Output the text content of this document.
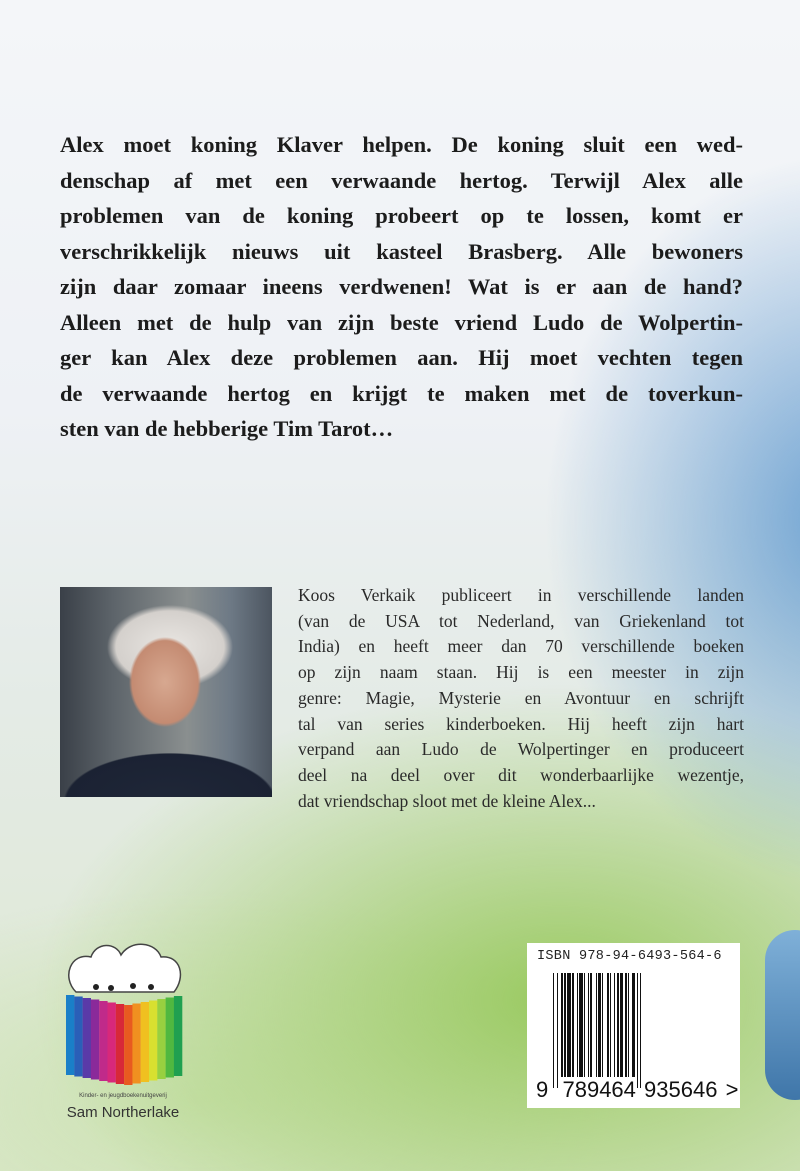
Alex moet koning Klaver helpen. De koning sluit een wed-
denschap af met een verwaande hertog. Terwijl Alex alle
problemen van de koning probeert op te lossen, komt er
verschrikkelijk nieuws uit kasteel Brasberg. Alle bewoners
zijn daar zomaar ineens verdwenen! Wat is er aan de hand?
Alleen met de hulp van zijn beste vriend Ludo de Wolpertin-
ger kan Alex deze problemen aan. Hij moet vechten tegen
de verwaande hertog en krijgt te maken met de toverkun-
sten van de hebberige Tim Tarot…
Koos Verkaik publiceert in verschillende landen
(van de USA tot Nederland, van Griekenland tot
India) en heeft meer dan 70 verschillende boeken
op zijn naam staan. Hij is een meester in zijn
genre: Magie, Mysterie en Avontuur en schrijft
tal van series kinderboeken. Hij heeft zijn hart
verpand aan Ludo de Wolpertinger en produceert
deel na deel over dit wonderbaarlijke wezentje,
dat vriendschap sloot met de kleine Alex...
Kinder- en jeugdboekenuitgeverij
Sam Northerlake
ISBN 978-94-6493-564-6
9 789464 935646 >
